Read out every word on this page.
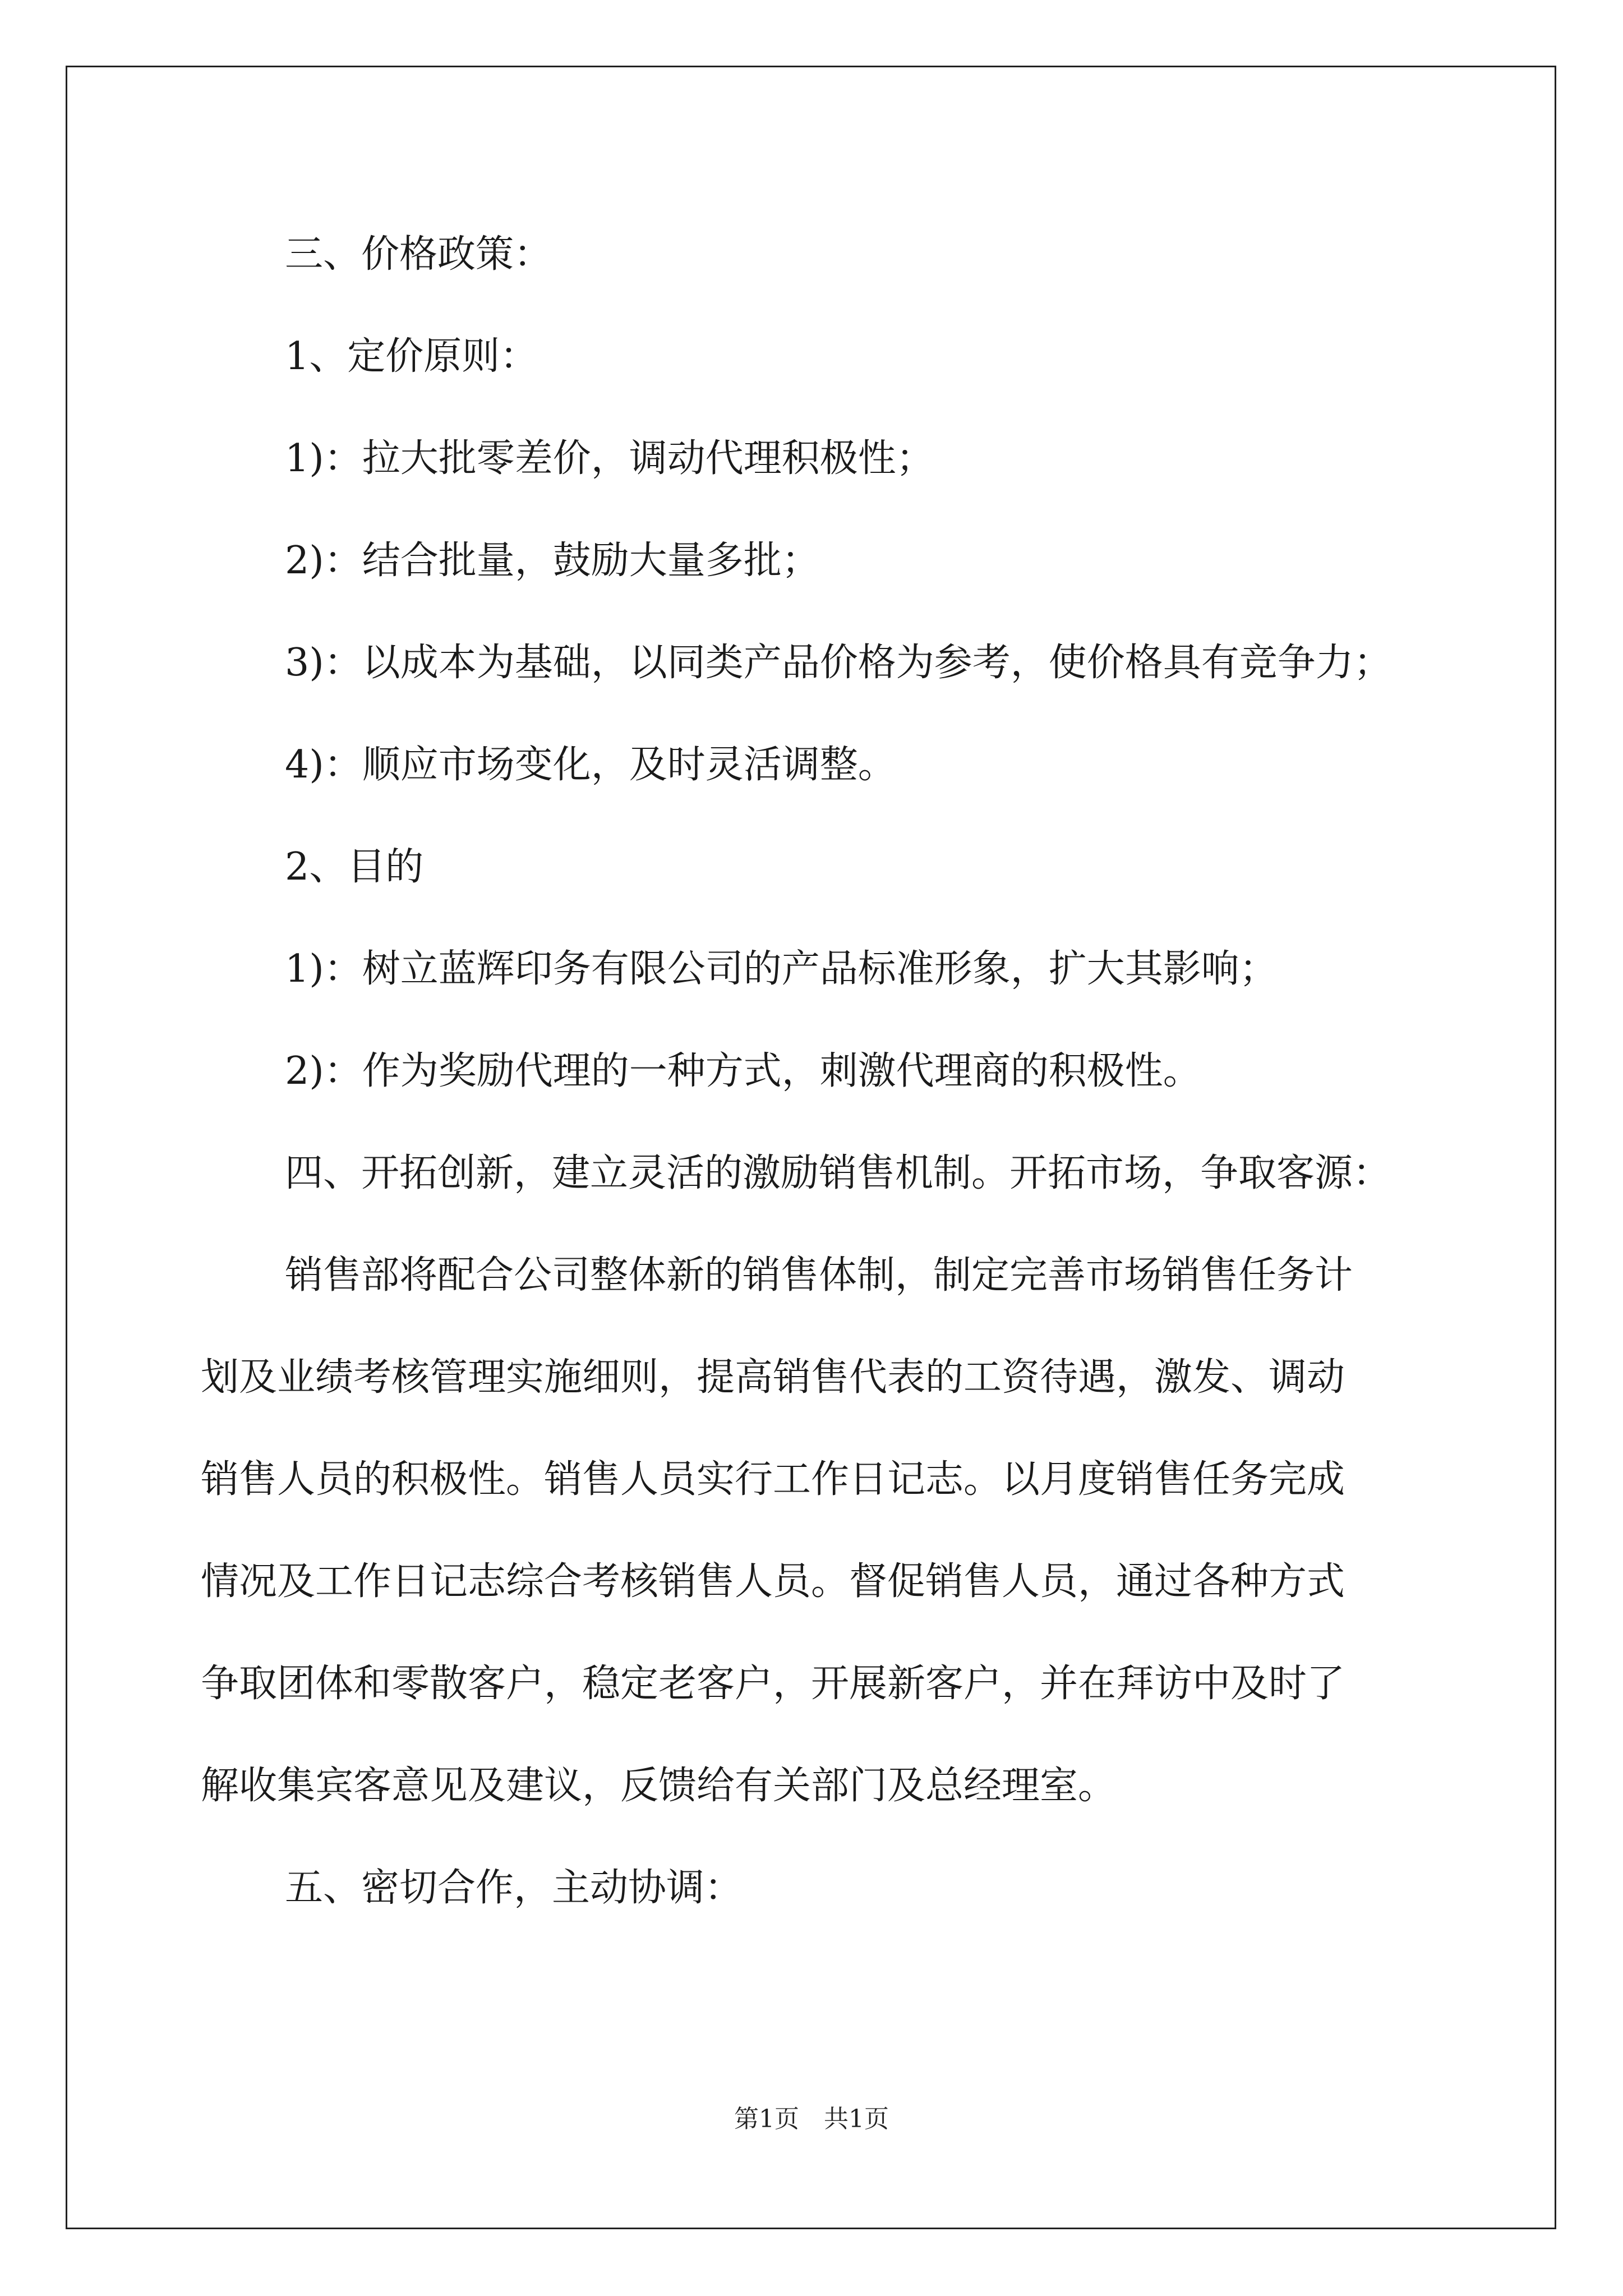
三、价格政策：
1、定价原则：
1)：拉大批零差价，调动代理积极性；
2)：结合批量，鼓励大量多批；
3)：以成本为基础，以同类产品价格为参考，使价格具有竞争力；
4)：顺应市场变化，及时灵活调整。
2、目的
1)：树立蓝辉印务有限公司的产品标准形象，扩大其影响；
2)：作为奖励代理的一种方式，刺激代理商的积极性。
四、开拓创新，建立灵活的激励销售机制。开拓市场，争取客源：
销售部将配合公司整体新的销售体制，制定完善市场销售任务计
划及业绩考核管理实施细则，提高销售代表的工资待遇，激发、调动
销售人员的积极性。销售人员实行工作日记志。以月度销售任务完成
情况及工作日记志综合考核销售人员。督促销售人员，通过各种方式
争取团体和零散客户，稳定老客户，开展新客户，并在拜访中及时了
解收集宾客意见及建议，反馈给有关部门及总经理室。
五、密切合作，主动协调：
第1页　共1页
